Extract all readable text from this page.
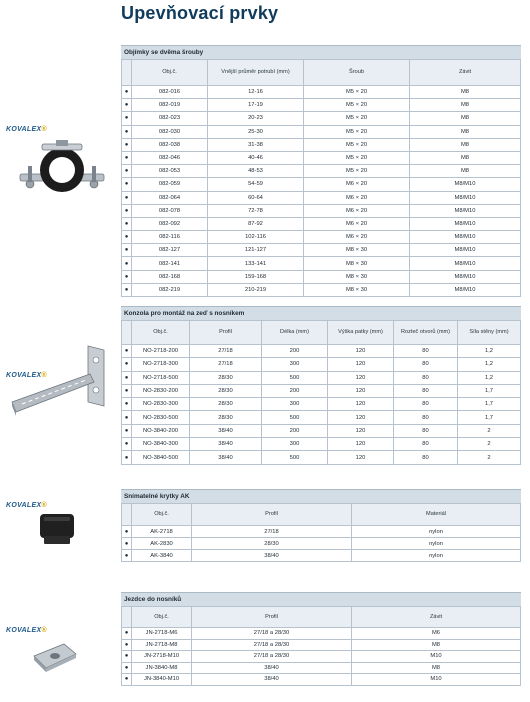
Upevňovací prvky
KOVALEX®
Objímky se dvěma šrouby
	Obj.č.	Vnější průměr potrubí (mm)	Šroub	Závit
●	082-016	12-16	M5 × 20	M8
●	082-019	17-19	M5 × 20	M8
●	082-023	20-23	M5 × 20	M8
●	082-030	25-30	M5 × 20	M8
●	082-038	31-38	M5 × 20	M8
●	082-046	40-46	M5 × 20	M8
●	082-053	48-53	M5 × 20	M8
●	082-059	54-59	M6 × 20	M8/M10
●	082-064	60-64	M6 × 20	M8/M10
●	082-078	72-78	M6 × 20	M8/M10
●	082-092	87-92	M6 × 20	M8/M10
●	082-116	102-116	M6 × 20	M8/M10
●	082-127	121-127	M8 × 30	M8/M10
●	082-141	133-141	M8 × 30	M8/M10
●	082-168	159-168	M8 × 30	M8/M10
●	082-219	210-219	M8 × 30	M8/M10
KOVALEX®
Konzola pro montáž na zeď s nosníkem
	Obj.č.	Profil	Délka (mm)	Výška patky (mm)	Rozteč otvorů (mm)	Síla stěny (mm)
●	NO-2718-200	27/18	200	120	80	1,2
●	NO-2718-300	27/18	300	120	80	1,2
●	NO-2718-500	28/30	500	120	80	1,2
●	NO-2830-200	28/30	200	120	80	1,7
●	NO-2830-300	28/30	300	120	80	1,7
●	NO-2830-500	28/30	500	120	80	1,7
●	NO-3840-200	38/40	200	120	80	2
●	NO-3840-300	38/40	300	120	80	2
●	NO-3840-500	38/40	500	120	80	2
KOVALEX®
Snímatelné krytky AK
	Obj.č.	Profil	Materiál
●	AK-2718	27/18	nylon
●	AK-2830	28/30	nylon
●	AK-3840	38/40	nylon
KOVALEX®
Jezdce do nosníků
	Obj.č.	Profil	Závit
●	JN-2718-M6	27/18 a 28/30	M6
●	JN-2718-M8	27/18 a 28/30	M8
●	JN-2718-M10	27/18 a 28/30	M10
●	JN-3840-M8	38/40	M8
●	JN-3840-M10	38/40	M10
